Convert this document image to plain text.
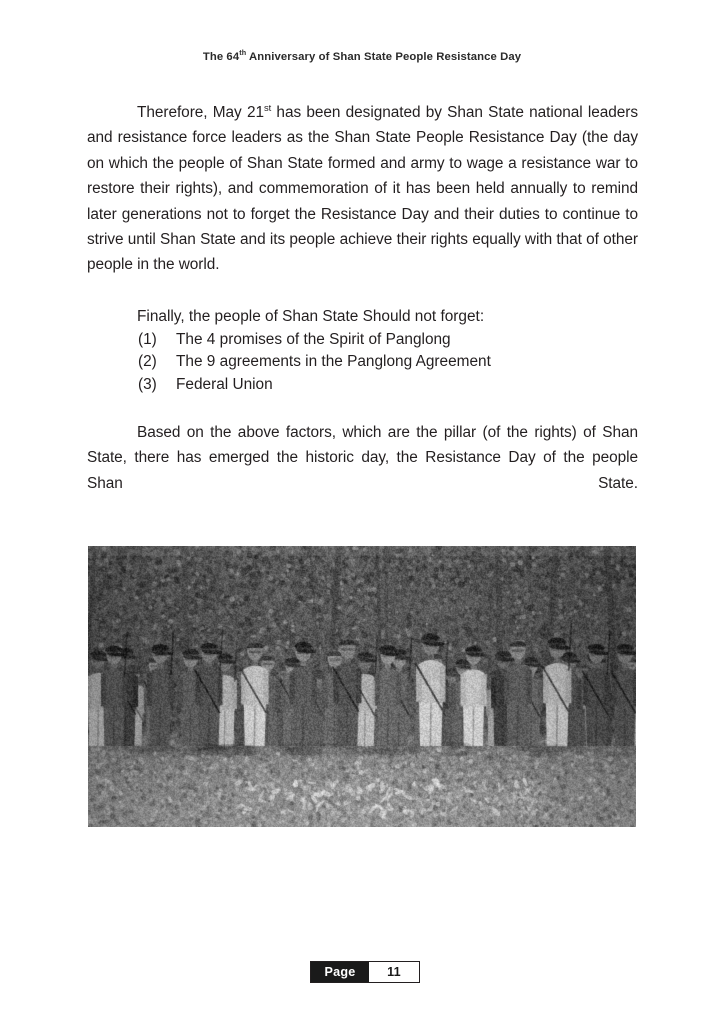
The 64th Anniversary of Shan State People Resistance Day

Therefore, May 21st has been designated by Shan State national leaders and resistance force leaders as the Shan State People Resistance Day (the day on which the people of Shan State formed and army to wage a resistance war to restore their rights), and commemoration of it has been held annually to remind later generations not to forget the Resistance Day and their duties to continue to strive until Shan State and its people achieve their rights equally with that of other people in the world.

Finally, the people of Shan State Should not forget:

(1)	The 4 promises of the Spirit of Panglong
(2)	The 9 agreements in the Panglong Agreement
(3)	Federal Union

Based on the above factors, which are the pillar (of the rights) of Shan State, there has emerged the historic day, the Resistance Day of the people Shan State.

Page	11
